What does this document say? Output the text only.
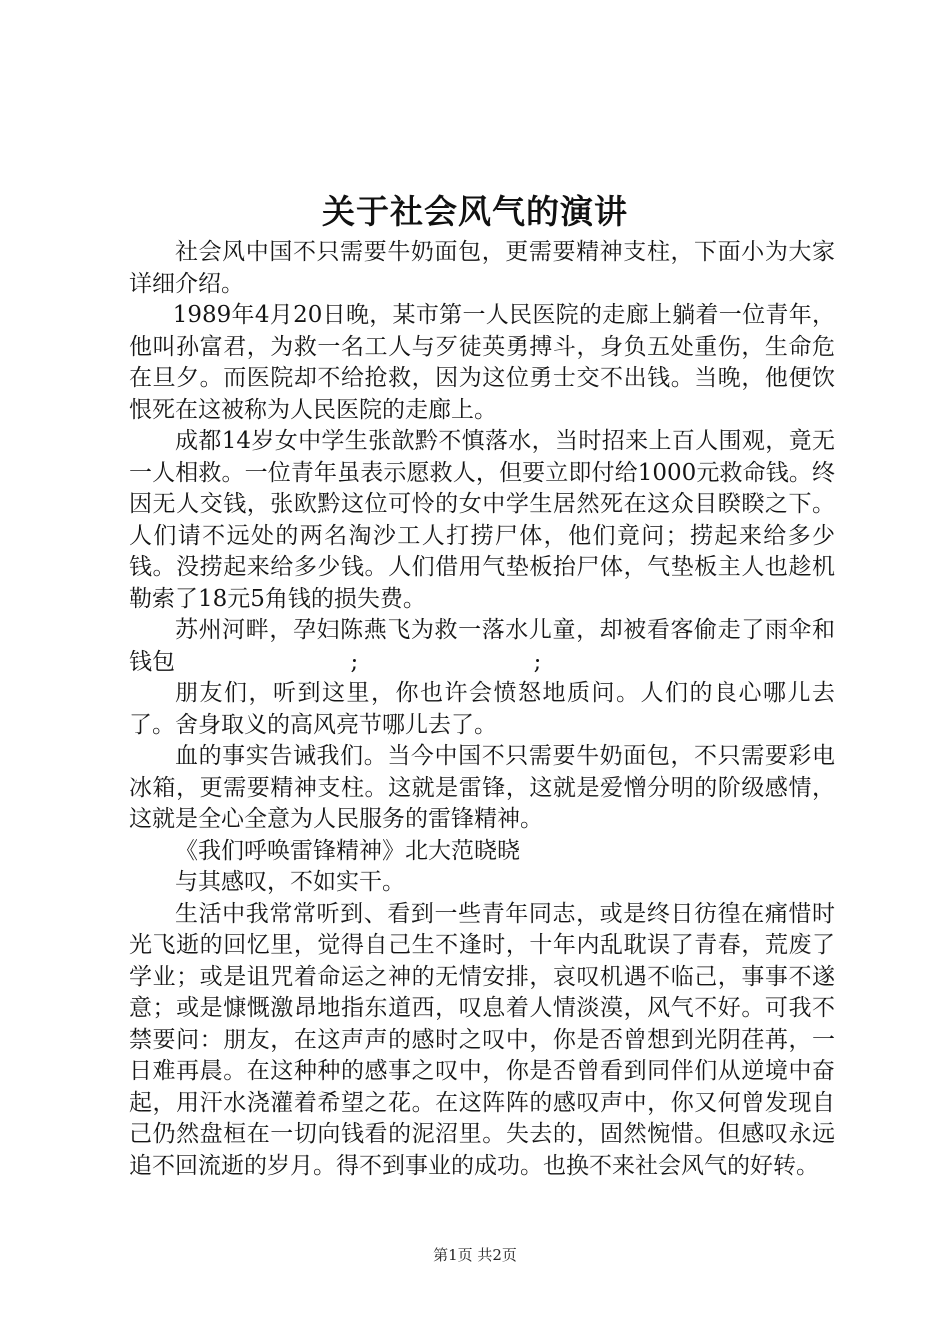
关于社会风气的演讲

社会风中国不只需要牛奶面包，更需要精神支柱，下面小为大家详细介绍。

1989年4月20日晚，某市第一人民医院的走廊上躺着一位青年，他叫孙富君，为救一名工人与歹徒英勇搏斗，身负五处重伤，生命危在旦夕。而医院却不给抢救，因为这位勇士交不出钱。当晚，他便饮恨死在这被称为人民医院的走廊上。

成都14岁女中学生张歆黔不慎落水，当时招来上百人围观，竟无一人相救。一位青年虽表示愿救人，但要立即付给1000元救命钱。终因无人交钱，张欧黔这位可怜的女中学生居然死在这众目睽睽之下。人们请不远处的两名淘沙工人打捞尸体，他们竟问；捞起来给多少钱。没捞起来给多少钱。人们借用气垫板抬尸体，气垫板主人也趁机勒索了18元5角钱的损失费。

苏州河畔，孕妇陈燕飞为救一落水儿童，却被看客偷走了雨伞和钱包                        ;                        ;

朋友们，听到这里，你也许会愤怒地质问。人们的良心哪儿去了。舍身取义的高风亮节哪儿去了。

血的事实告诫我们。当今中国不只需要牛奶面包，不只需要彩电冰箱，更需要精神支柱。这就是雷锋，这就是爱憎分明的阶级感情，这就是全心全意为人民服务的雷锋精神。

《我们呼唤雷锋精神》北大范晓晓

与其感叹，不如实干。

生活中我常常听到、看到一些青年同志，或是终日彷徨在痛惜时光飞逝的回忆里，觉得自己生不逢时，十年内乱耽误了青春，荒废了学业；或是诅咒着命运之神的无情安排，哀叹机遇不临己，事事不遂意；或是慷慨激昂地指东道西，叹息着人情淡漠，风气不好。可我不禁要问：朋友，在这声声的感时之叹中，你是否曾想到光阴荏苒，一日难再晨。在这种种的感事之叹中，你是否曾看到同伴们从逆境中奋起，用汗水浇灌着希望之花。在这阵阵的感叹声中，你又何曾发现自己仍然盘桓在一切向钱看的泥沼里。失去的，固然惋惜。但感叹永远追不回流逝的岁月。得不到事业的成功。也换不来社会风气的好转。

第1页 共2页
